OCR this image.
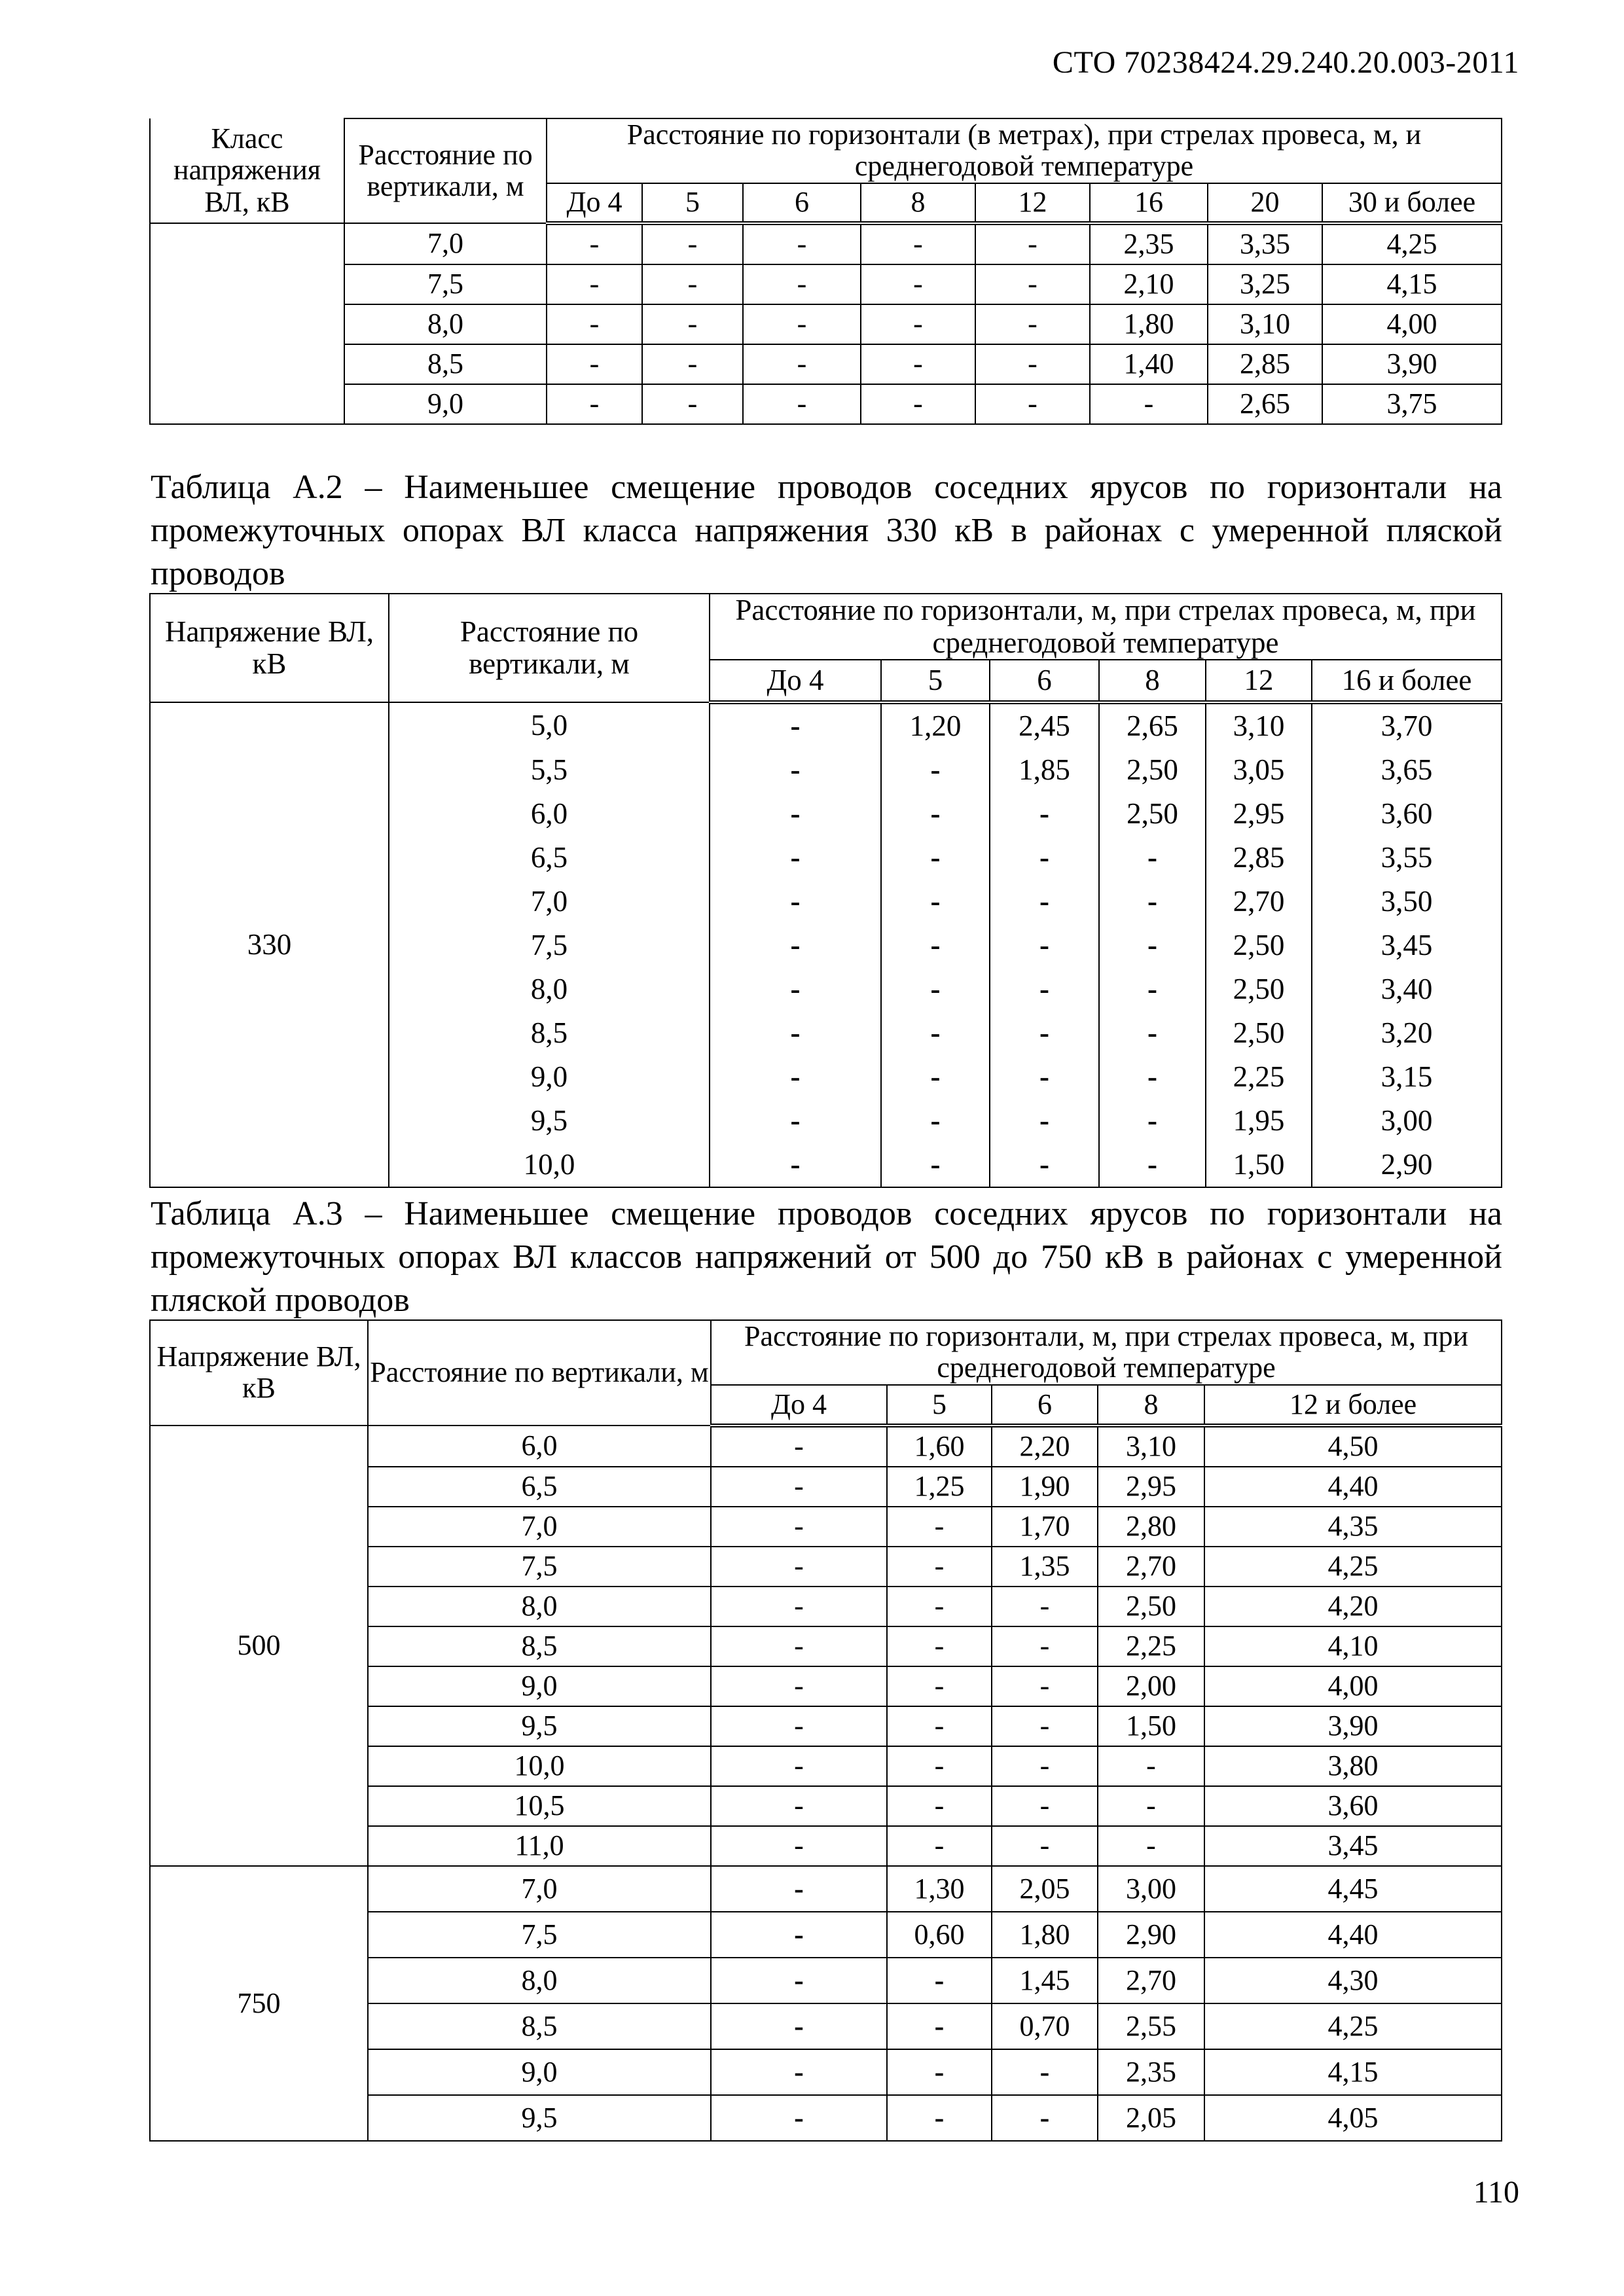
СТО 70238424.29.240.20.003-2011
Класс напряжения ВЛ, кВ	Расстояние по вертикали, м	Расстояние по горизонтали (в метрах), при стрелах провеса, м, и среднегодовой температуре							

		До 4	5	6	8	12	16	20	30 и более
	7,0	-	-	-	-	-	2,35	3,35	4,25
	7,5	-	-	-	-	-	2,10	3,25	4,15
	8,0	-	-	-	-	-	1,80	3,10	4,00
	8,5	-	-	-	-	-	1,40	2,85	3,90
	9,0	-	-	-	-	-	-	2,65	3,75
Таблица А.2 – Наименьшее смещение проводов соседних ярусов по горизонтали на промежуточных опорах ВЛ класса напряжения 330 кВ в районах с умеренной пляской проводов
Напряжение ВЛ, кВ	Расстояние по вертикали, м	Расстояние по горизонтали, м, при стрелах провеса, м, при среднегодовой температуре					
		До 4	5	6	8	12	16 и более
330	5,0	-	1,20	2,45	2,65	3,10	3,70
	5,5	-	-	1,85	2,50	3,05	3,65
	6,0	-	-	-	2,50	2,95	3,60
	6,5	-	-	-	-	2,85	3,55
	7,0	-	-	-	-	2,70	3,50
	7,5	-	-	-	-	2,50	3,45
	8,0	-	-	-	-	2,50	3,40
	8,5	-	-	-	-	2,50	3,20
	9,0	-	-	-	-	2,25	3,15
	9,5	-	-	-	-	1,95	3,00
	10,0	-	-	-	-	1,50	2,90
Таблица А.3 – Наименьшее смещение проводов соседних ярусов по горизонтали на промежуточных опорах ВЛ классов напряжений от 500 до 750 кВ в районах с умеренной пляской проводов
Напряжение ВЛ, кВ	Расстояние по вертикали, м	Расстояние по горизонтали, м, при стрелах провеса, м, при среднегодовой температуре				
		До 4	5	6	8	12 и более
500	6,0	-	1,60	2,20	3,10	4,50
	6,5	-	1,25	1,90	2,95	4,40
	7,0	-	-	1,70	2,80	4,35
	7,5	-	-	1,35	2,70	4,25
	8,0	-	-	-	2,50	4,20
	8,5	-	-	-	2,25	4,10
	9,0	-	-	-	2,00	4,00
	9,5	-	-	-	1,50	3,90
	10,0	-	-	-	-	3,80
	10,5	-	-	-	-	3,60
	11,0	-	-	-	-	3,45
750	7,0	-	1,30	2,05	3,00	4,45
	7,5	-	0,60	1,80	2,90	4,40
	8,0	-	-	1,45	2,70	4,30
	8,5	-	-	0,70	2,55	4,25
	9,0	-	-	-	2,35	4,15
	9,5	-	-	-	2,05	4,05
110
